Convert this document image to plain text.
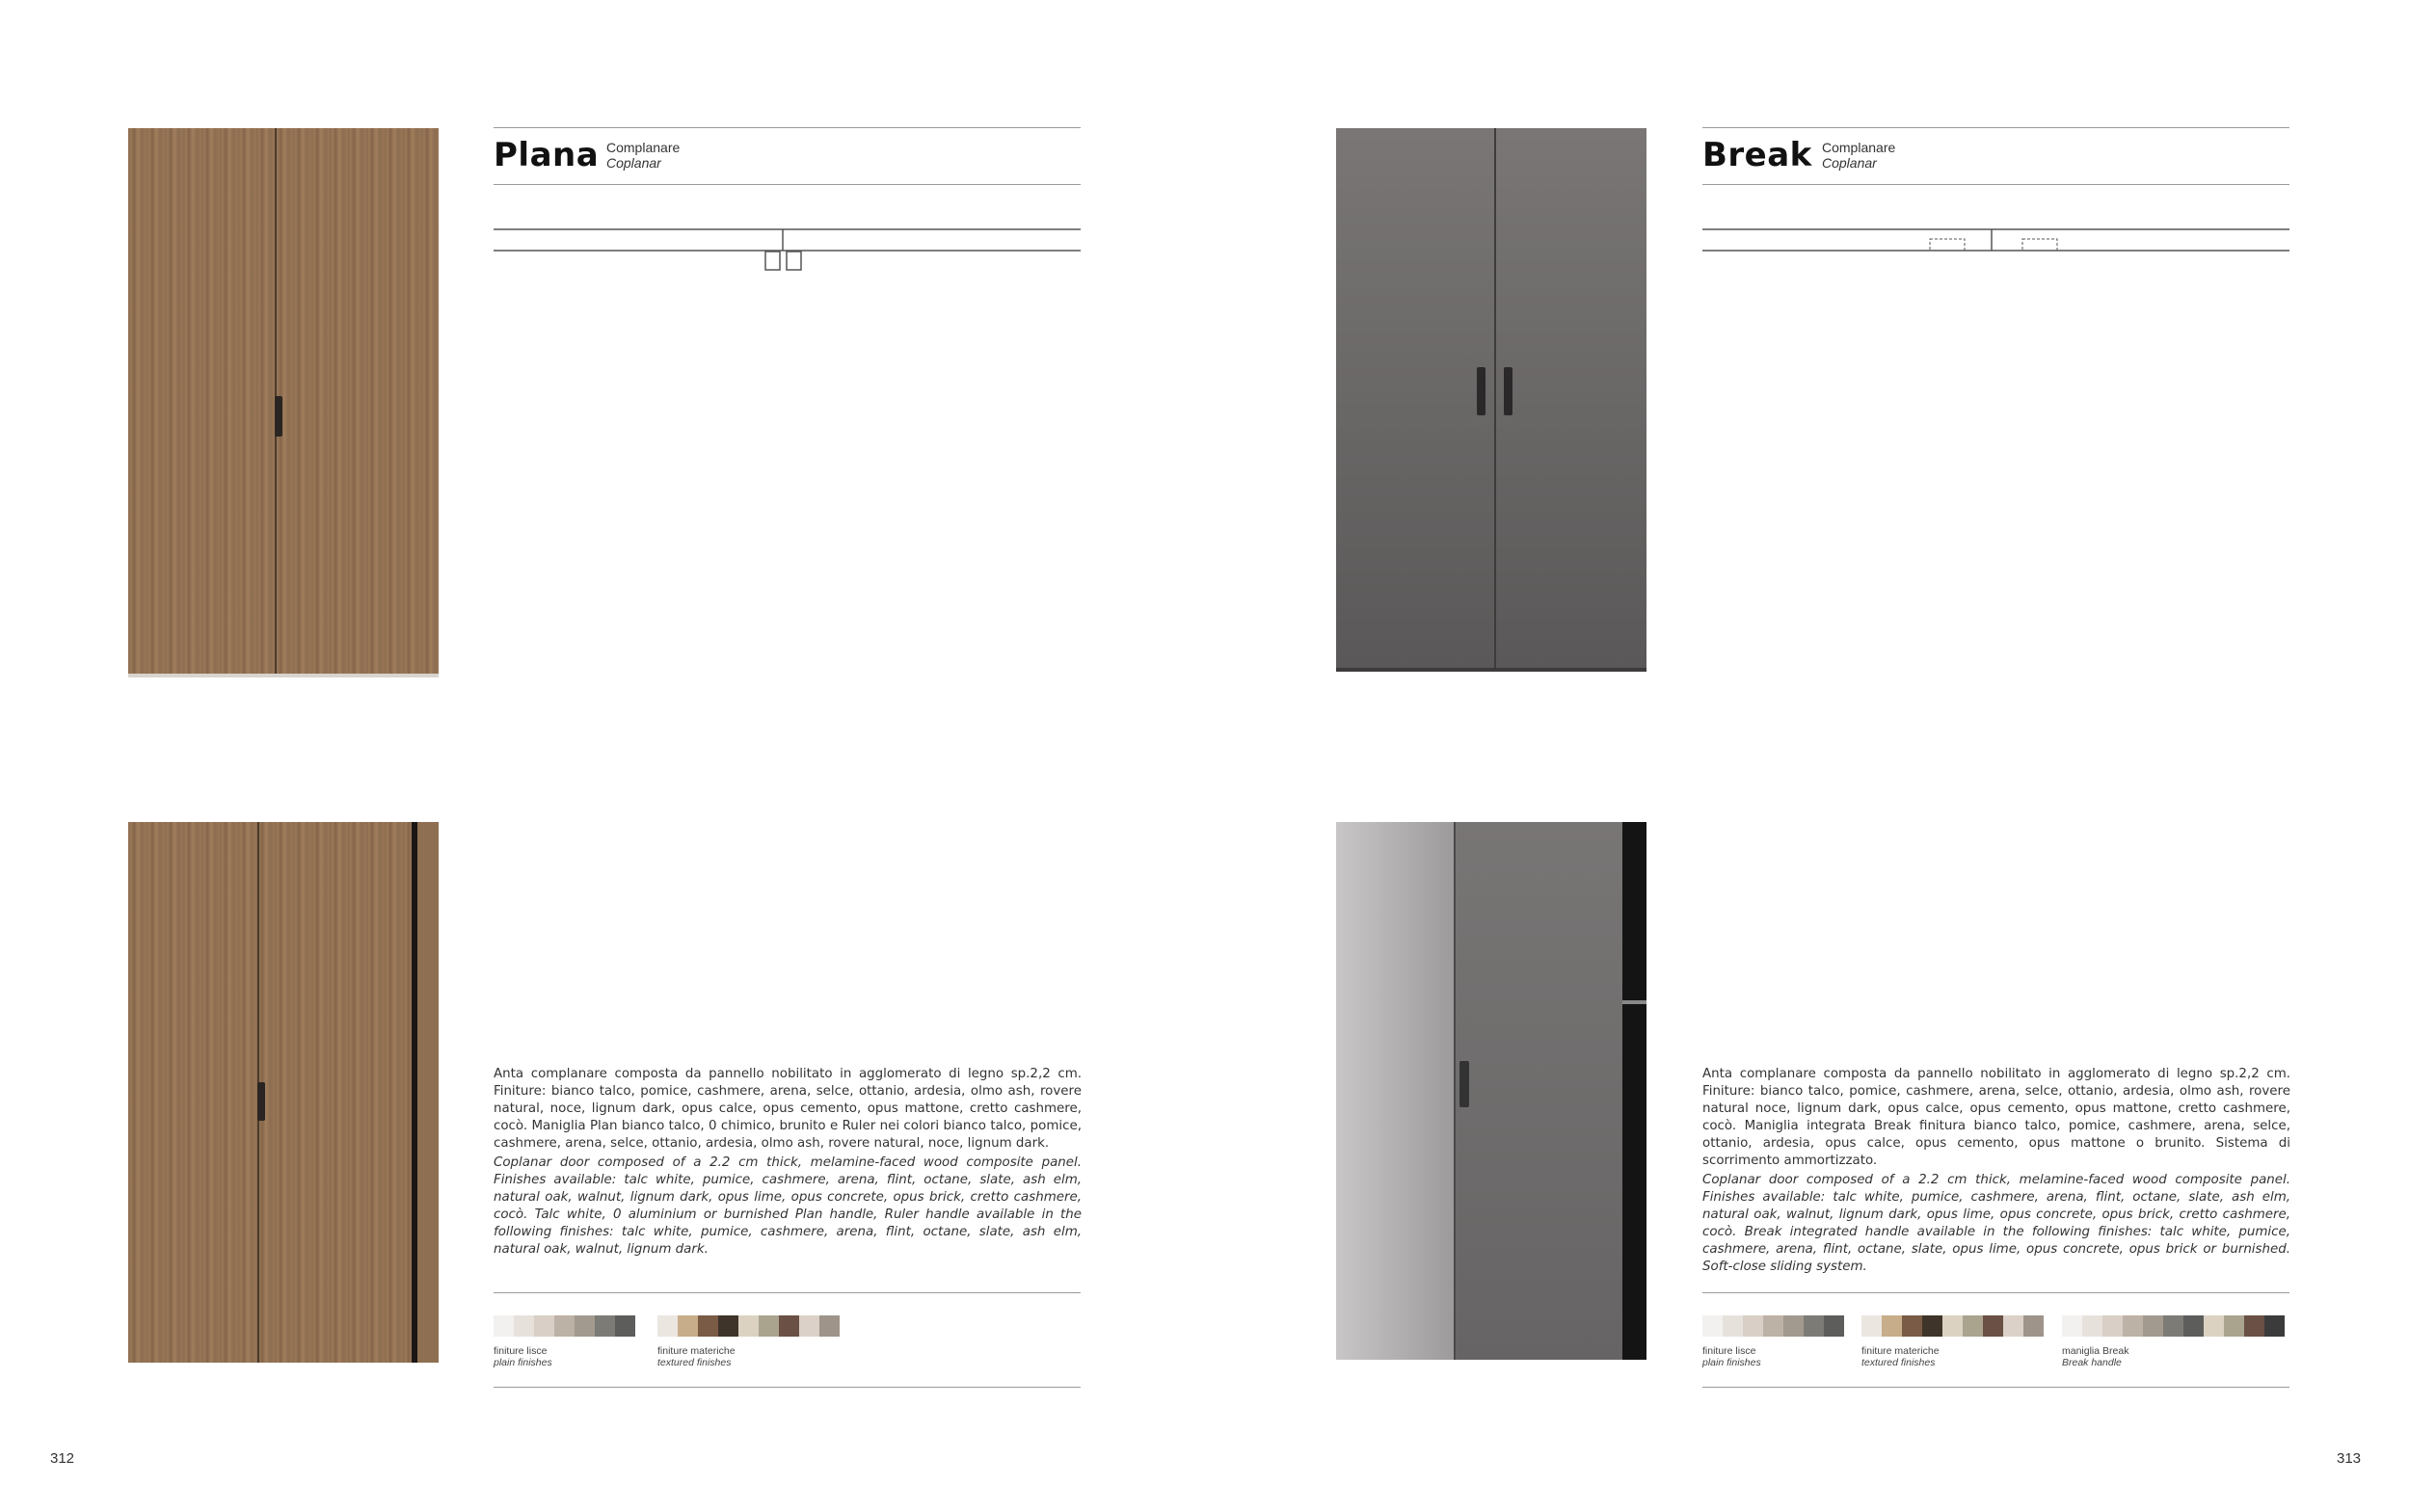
Plana Complanare
Coplanar

Anta complanare composta da pannello nobilitato in agglomerato di legno sp.2,2 cm. Finiture: bianco talco, pomice, cashmere, arena, selce, ottanio, ardesia, olmo ash, rovere natural, noce, lignum dark, opus calce, opus cemento, opus mattone, cretto cashmere, cocò. Maniglia Plan bianco talco, 0 chimico, brunito e Ruler nei colori bianco talco, pomice, cashmere, arena, selce, ottanio, ardesia, olmo ash, rovere natural, noce, lignum dark.

Coplanar door composed of a 2.2 cm thick, melamine-faced wood composite panel. Finishes available: talc white, pumice, cashmere, arena, flint, octane, slate, ash elm, natural oak, walnut, lignum dark, opus lime, opus concrete, opus brick, cretto cashmere, cocò. Talc white, 0 aluminium or burnished Plan handle, Ruler handle available in the following finishes: talc white, pumice, cashmere, arena, flint, octane, slate, ash elm, natural oak, walnut, lignum dark.

finiture lisce
plain finishes
finiture materiche
textured finishes
312
Break Complanare
Coplanar

Anta complanare composta da pannello nobilitato in agglomerato di legno sp.2,2 cm. Finiture: bianco talco, pomice, cashmere, arena, selce, ottanio, ardesia, olmo ash, rovere natural noce, lignum dark, opus calce, opus cemento, opus mattone, cretto cashmere, cocò. Maniglia integrata Break finitura bianco talco, pomice, cashmere, arena, selce, ottanio, ardesia, opus calce, opus cemento, opus mattone o brunito. Sistema di scorrimento ammortizzato.

Coplanar door composed of a 2.2 cm thick, melamine-faced wood composite panel. Finishes available: talc white, pumice, cashmere, arena, flint, octane, slate, ash elm, natural oak, walnut, lignum dark, opus lime, opus concrete, opus brick, cretto cashmere, cocò. Break integrated handle available in the following finishes: talc white, pumice, cashmere, arena, flint, octane, slate, opus lime, opus concrete, opus brick or burnished. Soft-close sliding system.

finiture lisce
plain finishes
finiture materiche
textured finishes
maniglia Break
Break handle
313
